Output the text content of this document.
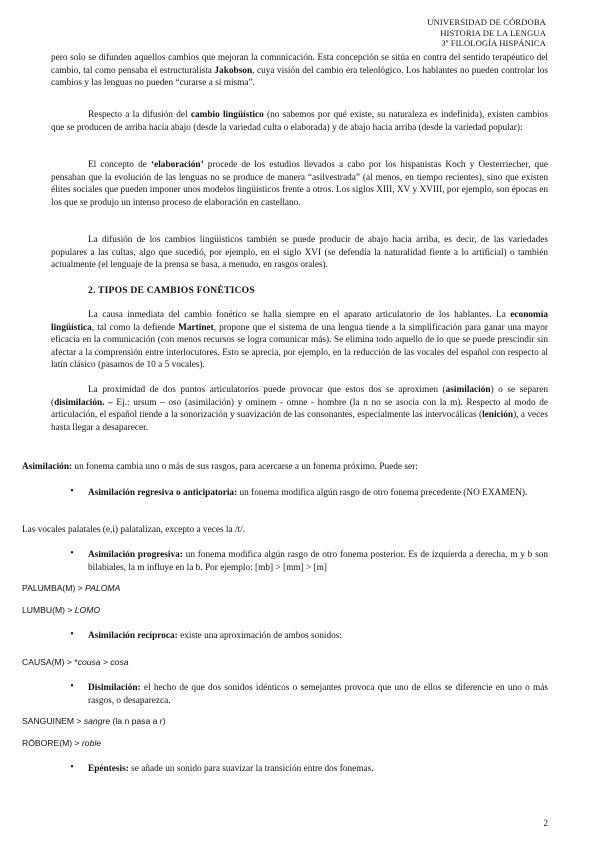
UNIVERSIDAD DE CÓRDOBA
HISTORIA DE LA LENGUA
3º FILOLOGÍA HISPÁNICA
pero solo se difunden aquellos cambios que mejoran la comunicación. Esta concepción se sitúa en contra del sentido terapéutico del cambio, tal como pensaba el estructuralista Jakobson, cuya visión del cambio era teleológico. Los hablantes no pueden controlar los cambios y las lenguas no pueden “curarse a sí misma”.
Respecto a la difusión del cambio lingüístico (no sabemos por qué existe, su naturaleza es indefinida), existen cambios que se producen de arriba hacia abajo (desde la variedad culta o elaborada) y de abajo hacia arriba (desde la variedad popular):
El concepto de ‘elaboración’ procede de los estudios llevados a cabo por los hispanistas Koch y Oesterriecher, que pensaban que la evolución de las lenguas no se produce de manera “asilvestrada” (al menos, en tiempo recientes), sino que existen élites sociales que pueden imponer unos modelos lingüísticos frente a otros. Los siglos XIII, XV y XVIII, por ejemplo, son épocas en los que se produjo un intenso proceso de elaboración en castellano.
La difusión de los cambios lingüísticos también se puede producir de abajo hacia arriba, es decir, de las variedades populares a las cultas, algo que sucedió, por ejemplo, en el siglo XVI (se defendía la naturalidad fiente a lo artificial) o también actualmente (el lenguaje de la prensa se basa, a menudo, en rasgos orales).
2. TIPOS DE CAMBIOS FONÉTICOS
La causa inmediata del cambio fonético se halla siempre en el aparato articulatorio de los hablantes. La economía lingüística, tal como la defiende Martinet, propone que el sistema de una lengua tiende a la simplificación para ganar una mayor eficacia en la comunicación (con menos recursos se logra comunicar más). Se elimina todo aquello de lo que se puede prescindir sin afectar a la comprensión entre interlocutores. Esto se aprecia, por ejemplo, en la reducción de las vocales del español con respecto al latín clásico (pasamos de 10 a 5 vocales).
La proximidad de dos puntos articulatorios puede provocar que estos dos se aproximen (asimilación) o se separen (disimilación. – Ej.: ursum – oso (asimilación) y ominem - omne - hombre (la n no se asocia con la m). Respecto al modo de articulación, el español tiende a la sonorización y suavización de las consonantes, especialmente las intervocálicas (lenición), a veces hasta llegar a desaparecer.
Asimilación: un fonema cambia uno o más de sus rasgos, para acercarse a un fonema próximo. Puede ser:
• Asimilación regresiva o anticipatoria: un fonema modifica algún rasgo de otro fonema precedente (NO EXAMEN).
Las vocales palatales (e,i) palatalizan, excepto a veces la /t/.
• Asimilación progresiva: un fonema modifica algún rasgo de otro fonema posterior. Es de izquierda a derecha, m y b son bilabiales, la m influye en la b. Por ejemplo: [mb] > [mm] > [m]
PALUMBA(M) > PALOMA
LUMBU(M) > LOMO
• Asimilación recíproca: existe una aproximación de ambos sonidos:
CAUSA(M) > *cousa > cosa
• Disimilación: el hecho de que dos sonidos idénticos o semejantes provoca que uno de ellos se diferencie en uno o más rasgos, o desaparezca.
SANGUINEM > sangre (la n pasa a r)
RŌBORE(M) > roble
• Epéntesis: se añade un sonido para suavizar la transición entre dos fonemas.
2
